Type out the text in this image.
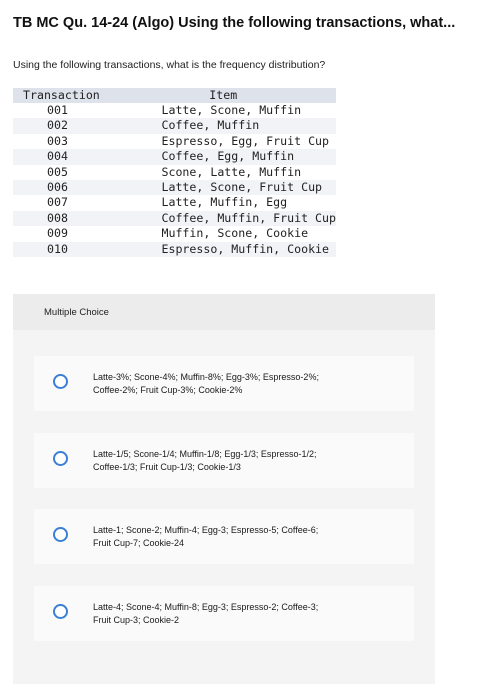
TB MC Qu. 14-24 (Algo) Using the following transactions, what...
Using the following transactions, what is the frequency distribution?
Transaction	Item
001	Latte, Scone, Muffin
002	Coffee, Muffin
003	Espresso, Egg, Fruit Cup
004	Coffee, Egg, Muffin
005	Scone, Latte, Muffin
006	Latte, Scone, Fruit Cup
007	Latte, Muffin, Egg
008	Coffee, Muffin, Fruit Cup
009	Muffin, Scone, Cookie
010	Espresso, Muffin, Cookie
Multiple Choice
Latte-3%; Scone-4%; Muffin-8%; Egg-3%; Espresso-2%;
Coffee-2%; Fruit Cup-3%; Cookie-2%
Latte-1/5; Scone-1/4; Muffin-1/8; Egg-1/3; Espresso-1/2;
Coffee-1/3; Fruit Cup-1/3; Cookie-1/3
Latte-1; Scone-2; Muffin-4; Egg-3; Espresso-5; Coffee-6;
Fruit Cup-7; Cookie-24
Latte-4; Scone-4; Muffin-8; Egg-3; Espresso-2; Coffee-3;
Fruit Cup-3; Cookie-2
